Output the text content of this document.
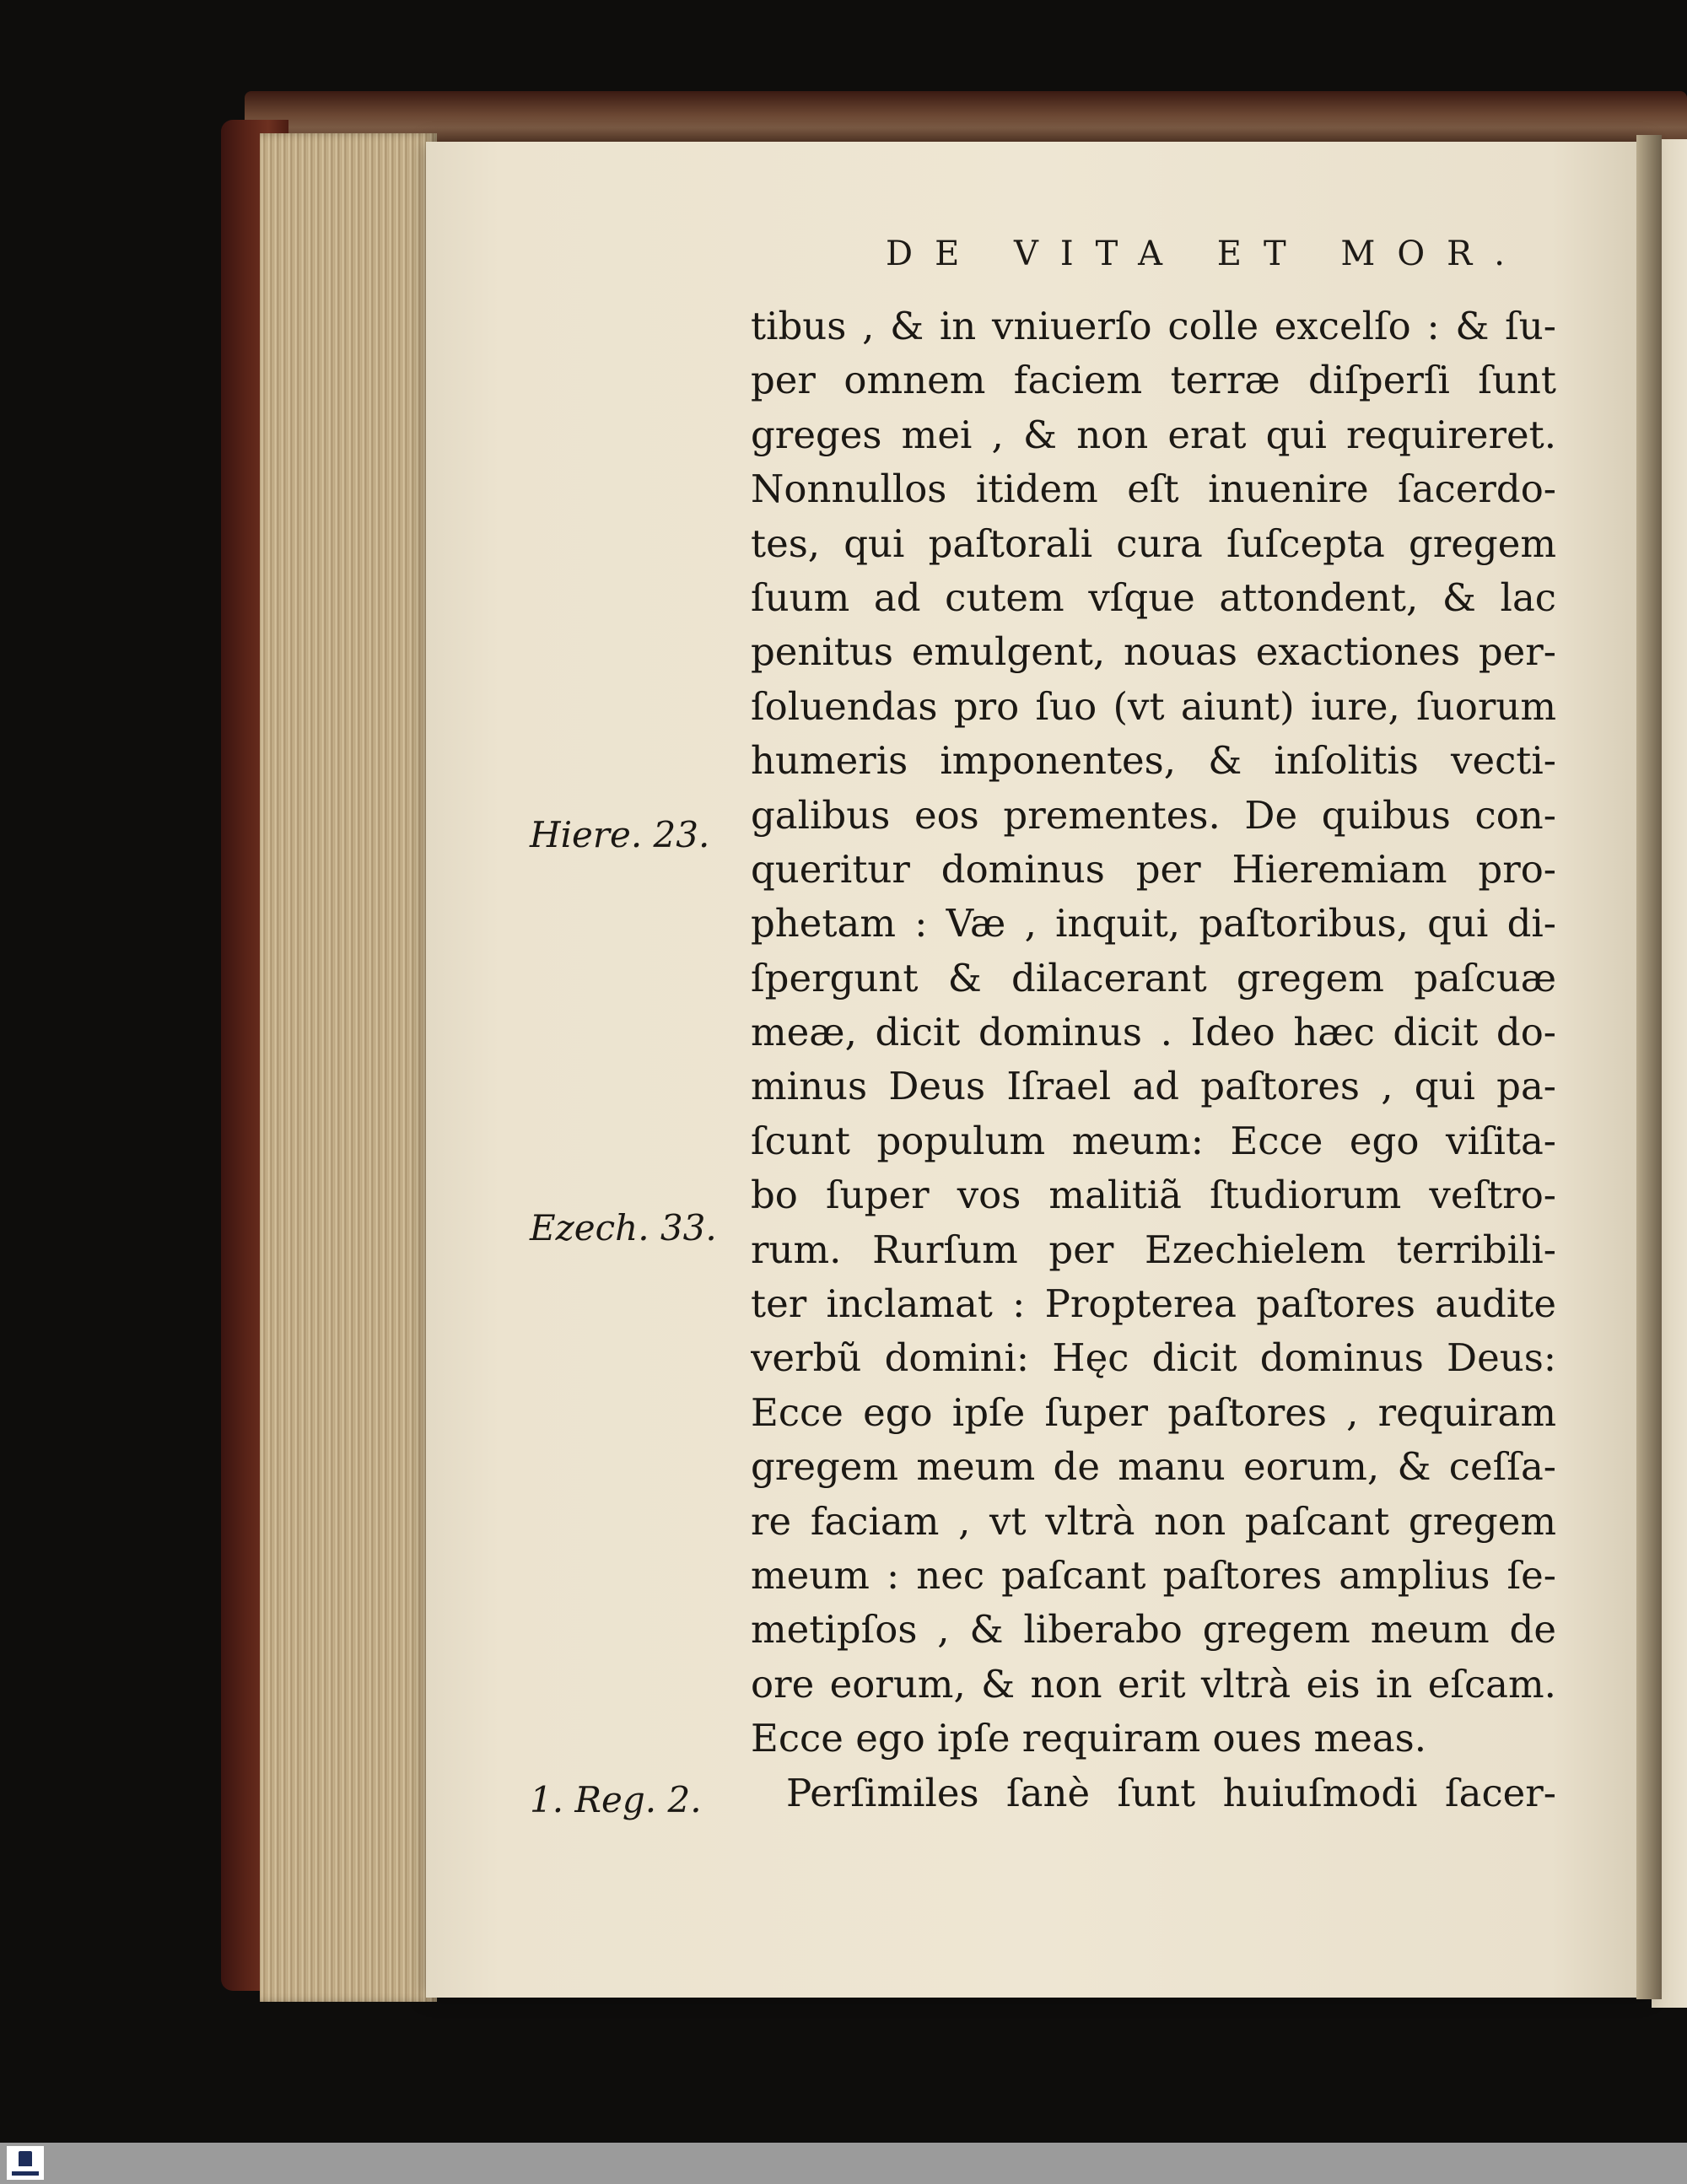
DE VITA ET MOR.
tibus , & in vniuerſo colle excelſo : & ſu-
per omnem faciem terræ diſperſi ſunt
greges mei , & non erat qui requireret.
Nonnullos itidem eſt inuenire ſacerdo-
tes, qui paſtorali cura ſuſcepta gregem
ſuum ad cutem vſque attondent, & lac
penitus emulgent, nouas exactiones per-
ſoluendas pro ſuo (vt aiunt) iure, ſuorum
humeris imponentes, & inſolitis vecti-
galibus eos prementes. De quibus con-
queritur dominus per Hieremiam pro-
phetam : Væ , inquit, paſtoribus, qui di-
ſpergunt & dilacerant gregem paſcuæ
meæ, dicit dominus . Ideo hæc dicit do-
minus Deus Iſrael ad paſtores , qui pa-
ſcunt populum meum: Ecce ego viſita-
bo ſuper vos malitiã ſtudiorum veſtro-
rum. Rurſum per Ezechielem terribili-
ter inclamat : Propterea paſtores audite
verbũ domini: Hęc dicit dominus Deus:
Ecce ego ipſe ſuper paſtores , requiram
gregem meum de manu eorum, & ceſſa-
re faciam , vt vltrà non paſcant gregem
meum : nec paſcant paſtores amplius ſe-
metipſos , & liberabo gregem meum de
ore eorum, & non erit vltrà eis in eſcam.
Ecce ego ipſe requiram oues meas.
Perſimiles ſanè ſunt huiuſmodi ſacer-
Hiere. 23.
Ezech. 33.
1. Reg. 2.
